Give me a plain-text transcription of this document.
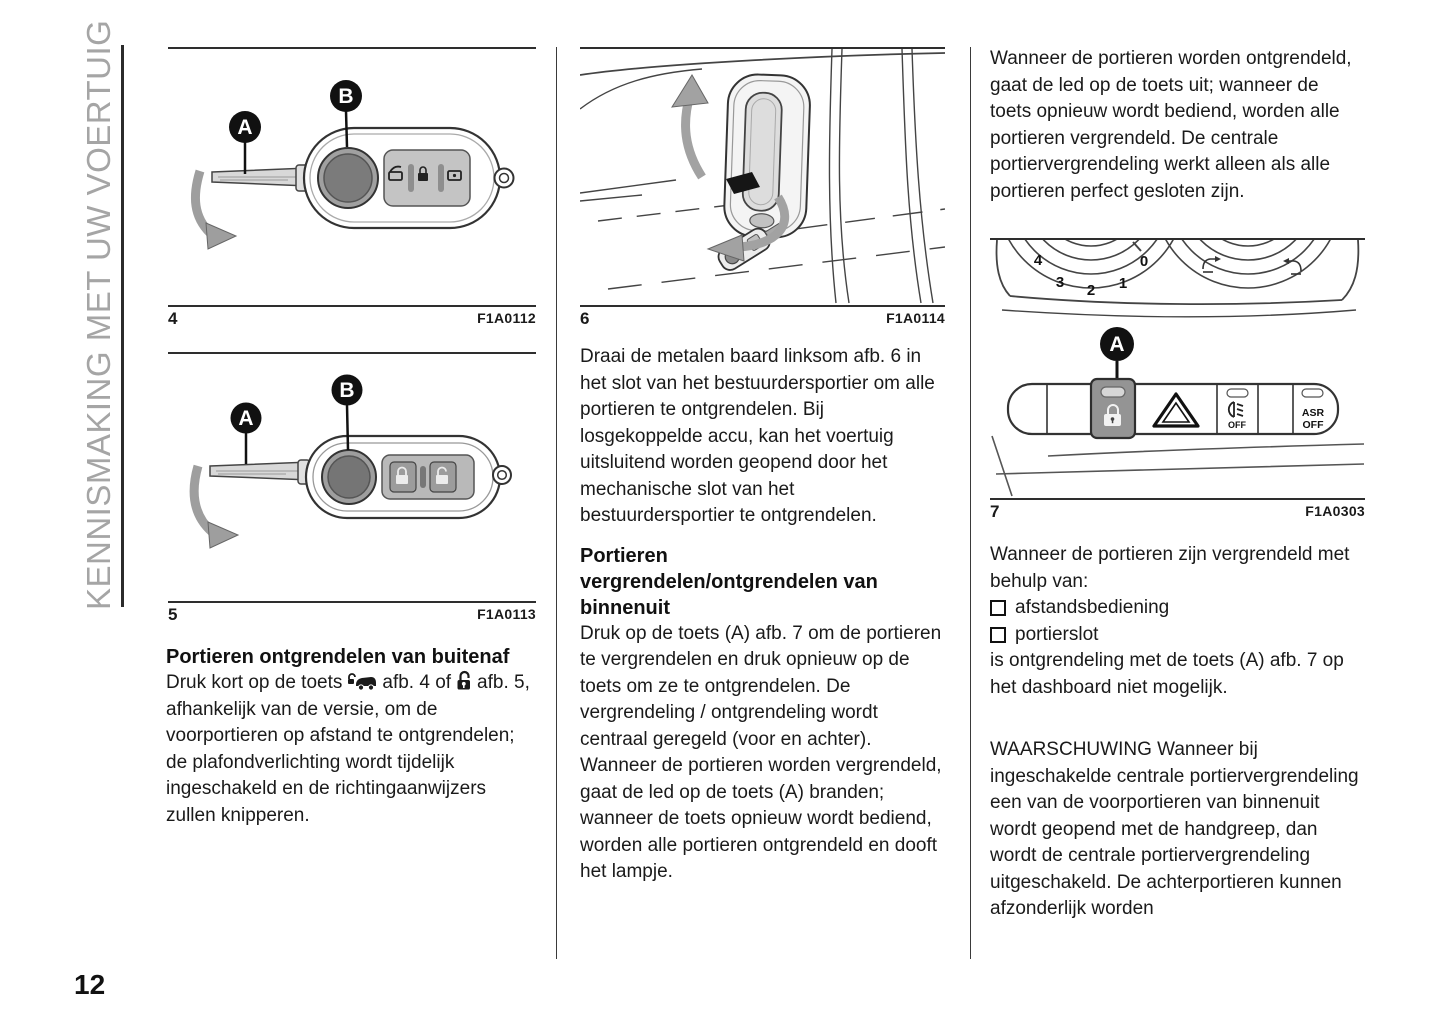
KENNISMAKING MET UW VOERTUIG	A
B
4	F1A0112
A
B
5	F1A0113
6	F1A0114
4
3 2 1
0
A
OFF
ASR
OFF
7	F1A0303
Portieren ontgrendelen van buitenaf

Druk kort op de toets afb. 4 of afb. 5, afhankelijk van de versie, om de voorportieren op afstand te ontgrendelen; de plafondverlichting wordt tijdelijk ingeschakeld en de richtingaanwijzers zullen knipperen.

Draai de metalen baard linksom afb. 6 in het slot van het bestuurdersportier om alle portieren te ontgrendelen. Bij losgekoppelde accu, kan het voertuig uitsluitend worden geopend door het mechanische slot van het bestuurdersportier te ontgrendelen.

Portieren
vergrendelen/ontgrendelen van
binnenuit

Druk op de toets (A) afb. 7 om de portieren te vergrendelen en druk opnieuw op de toets om ze te ontgrendelen. De vergrendeling / ontgrendeling wordt centraal geregeld (voor en achter).

Wanneer de portieren worden vergrendeld, gaat de led op de toets (A) branden; wanneer de toets opnieuw wordt bediend, worden alle portieren ontgrendeld en dooft het lampje.

Wanneer de portieren worden ontgrendeld, gaat de led op de toets uit; wanneer de toets opnieuw wordt bediend, worden alle portieren vergrendeld. De centrale portiervergrendeling werkt alleen als alle portieren perfect gesloten zijn.

Wanneer de portieren zijn vergrendeld met behulp van:

afstandsbediening
portierslot

is ontgrendeling met de toets (A) afb. 7 op het dashboard niet mogelijk.

WAARSCHUWING Wanneer bij ingeschakelde centrale portiervergrendeling een van de voorportieren van binnenuit wordt geopend met de handgreep, dan wordt de centrale portiervergrendeling uitgeschakeld. De achterportieren kunnen afzonderlijk worden

12
